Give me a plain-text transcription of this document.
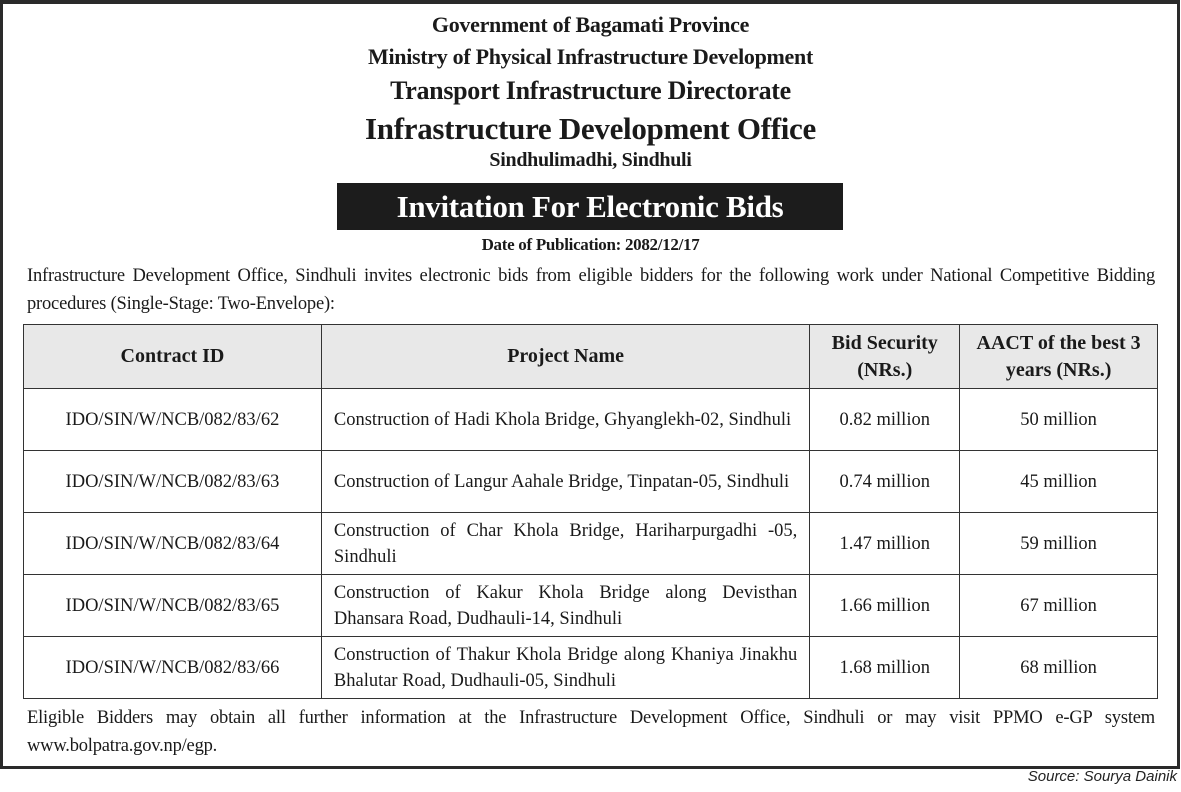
Government of Bagamati Province
Ministry of Physical Infrastructure Development
Transport Infrastructure Directorate
Infrastructure Development Office
Sindhulimadhi, Sindhuli
Invitation For Electronic Bids
Date of Publication: 2082/12/17
Infrastructure Development Office, Sindhuli invites electronic bids from eligible bidders for the following work under National Competitive Bidding procedures (Single-Stage: Two-Envelope):
Contract ID	Project Name	Bid Security (NRs.)	AACT of the best 3 years (NRs.)
IDO/SIN/W/NCB/082/83/62	Construction of Hadi Khola Bridge, Ghyanglekh-02, Sindhuli	0.82 million	50 million
IDO/SIN/W/NCB/082/83/63	Construction of Langur Aahale Bridge, Tinpatan-05, Sindhuli	0.74 million	45 million
IDO/SIN/W/NCB/082/83/64	Construction of Char Khola Bridge, Hariharpurgadhi -05, Sindhuli	1.47 million	59 million
IDO/SIN/W/NCB/082/83/65	Construction of Kakur Khola Bridge along Devisthan Dhansara Road, Dudhauli-14, Sindhuli	1.66 million	67 million
IDO/SIN/W/NCB/082/83/66	Construction of Thakur Khola Bridge along Khaniya Jinakhu Bhalutar Road, Dudhauli-05, Sindhuli	1.68 million	68 million
Eligible Bidders may obtain all further information at the Infrastructure Development Office, Sindhuli or may visit PPMO e-GP system www.bolpatra.gov.np/egp.
Source: Sourya Dainik
